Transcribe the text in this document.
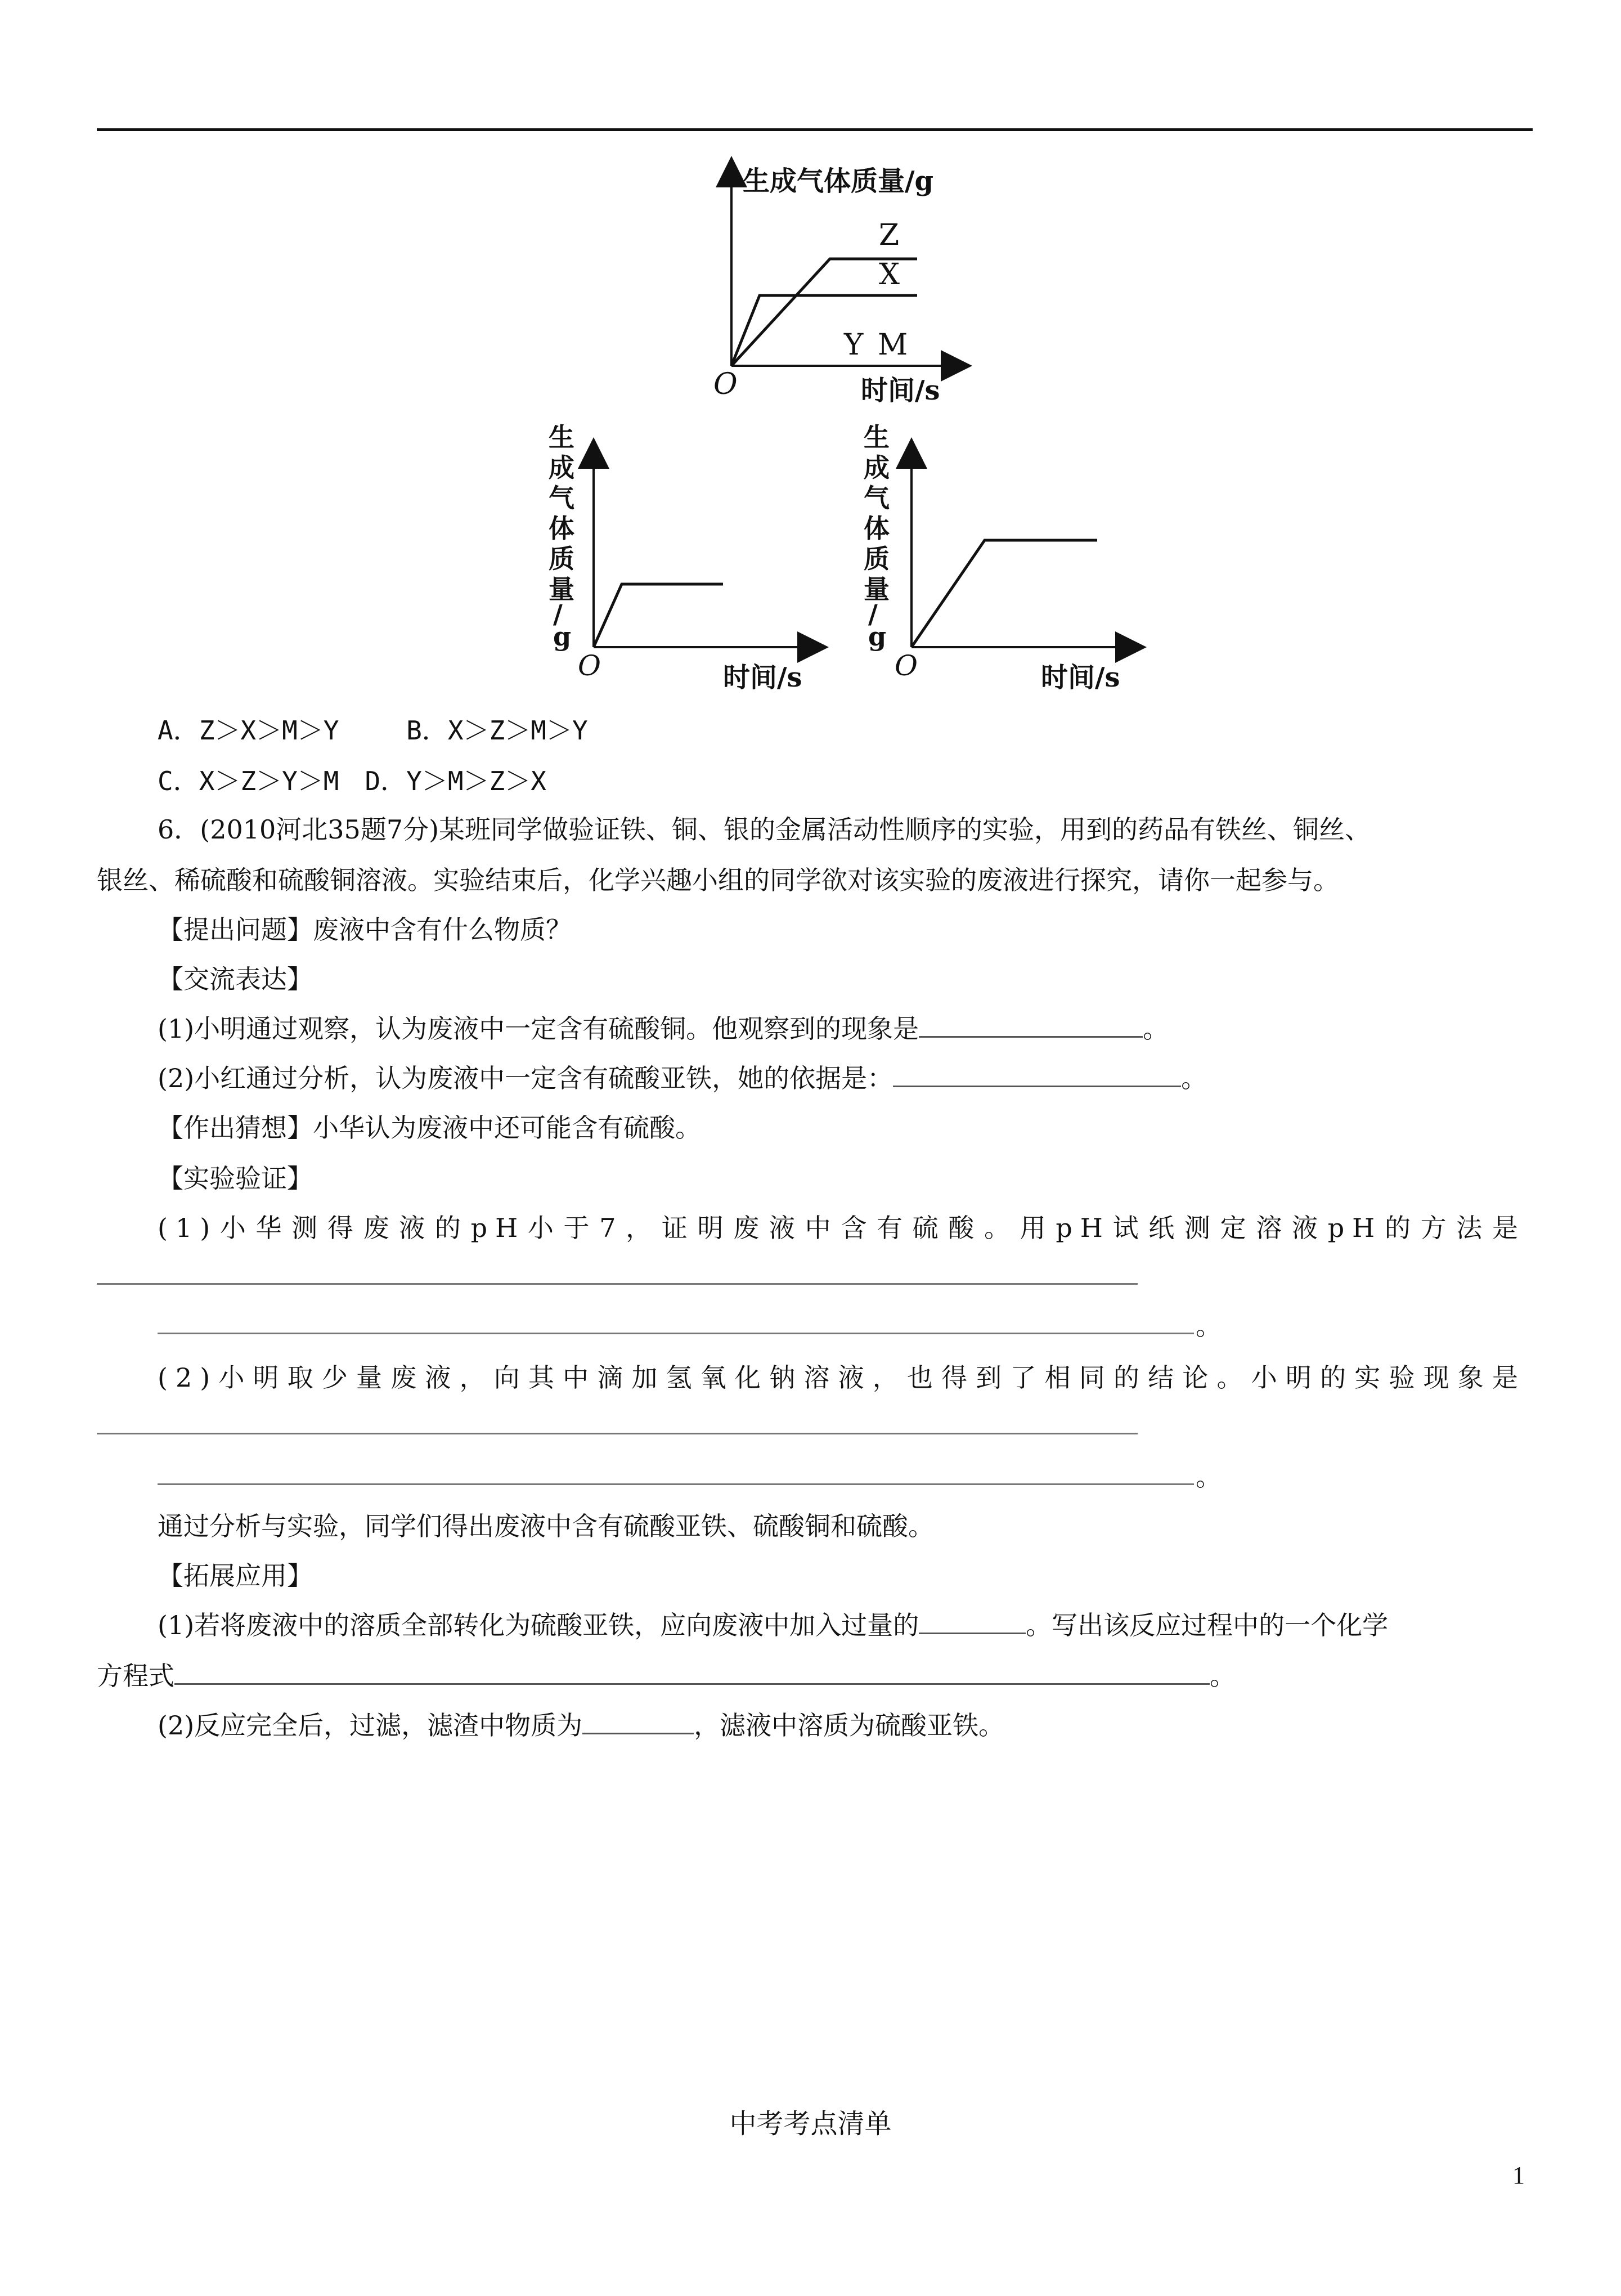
生成气体质量/g
Z
X
Y M
O	时间/s
生
成
气
体
质
量
/
g
O	时间/s
生
成
气
体
质
量
/
g
O	时间/s
A．Z＞X＞M＞Y　　 B．X＞Z＞M＞Y
C．X＞Z＞Y＞M　D．Y＞M＞Z＞X
6．(2010河北35题7分)某班同学做验证铁、铜、银的金属活动性顺序的实验，用到的药品有铁丝、铜丝、
银丝、稀硫酸和硫酸铜溶液。实验结束后，化学兴趣小组的同学欲对该实验的废液进行探究，请你一起参与。
【提出问题】废液中含有什么物质？
【交流表达】
(1)小明通过观察，认为废液中一定含有硫酸铜。他观察到的现象是	。
(2)小红通过分析，认为废液中一定含有硫酸亚铁，她的依据是：	。
【作出猜想】小华认为废液中还可能含有硫酸。
【实验验证】
(1)小华测得废液的pH小于7，证明废液中含有硫酸。用pH试纸测定溶液pH的方法是
。
(2)小明取少量废液，向其中滴加氢氧化钠溶液，也得到了相同的结论。小明的实验现象是
。
通过分析与实验，同学们得出废液中含有硫酸亚铁、硫酸铜和硫酸。
【拓展应用】
(1)若将废液中的溶质全部转化为硫酸亚铁，应向废液中加入过量的	。写出该反应过程中的一个化学
方程式	。
(2)反应完全后，过滤，滤渣中物质为	，滤液中溶质为硫酸亚铁。
中考考点清单
1
